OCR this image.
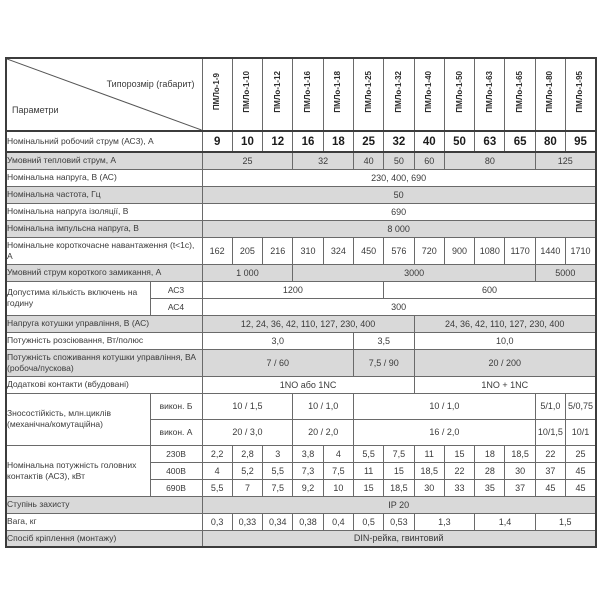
Типорозмір (габарит)
Параметри		ПМЛо-1-9	ПМЛо-1-10	ПМЛо-1-12	ПМЛо-1-16	ПМЛо-1-18	ПМЛо-1-25	ПМЛо-1-32	ПМЛо-1-40	ПМЛо-1-50	ПМЛо-1-63	ПМЛо-1-65	ПМЛо-1-80	ПМЛо-1-95
Номінальний робочий струм (АС3), А		9	10	12	16	18	25	32	40	50	63	65	80	95
Умовний тепловий струм, А		25			32		40	50	60	80			125	
Номінальна напруга, В (АС)		230, 400, 690												
Номінальна частота, Гц		50												
Номінальна напруга ізоляції, В		690												
Номінальна імпульсна напруга, В		8 000												
Номінальне короткочасне навантаження (t<1с), А		162	205	216	310	324	450	576	720	900	1080	1170	1440	1710
Умовний струм короткого замикання, А		1 000			3000								5000	
Допустима кількість включень на годину	АС3	1200						600						
	АС4	300												
Напруга котушки управління, В (АС)		12, 24, 36, 42, 110, 127, 230, 400							24, 36, 42, 110, 127, 230, 400					
Потужність розсіювання, Вт/полюс		3,0					3,5		10,0					
Потужність споживання котушки управління, ВА (робоча/пускова)		7 / 60					7,5 / 90		20 / 200					
Додаткові контакти (вбудовані)		1NO або 1NC							1NO + 1NC					
Зносостійкість, млн.циклів (механічна/комутаційна)	викон. Б	10 / 1,5			10 / 1,0		10 / 1,0						5/1,0	5/0,75
	викон. А	20 / 3,0			20 / 2,0		16 / 2,0						10/1,5	10/1
Номінальна потужність головних контактів (АС3), кВт	230В	2,2	2,8	3	3,8	4	5,5	7,5	11	15	18	18,5	22	25
	400В	4	5,2	5,5	7,3	7,5	11	15	18,5	22	28	30	37	45
	690В	5,5	7	7,5	9,2	10	15	18,5	30	33	35	37	45	45
Ступінь захисту		IP 20												
Вага, кг		0,3	0,33	0,34	0,38	0,4	0,5	0,53	1,3		1,4		1,5	
Спосіб кріплення (монтажу)		DIN-рейка, гвинтовий												
